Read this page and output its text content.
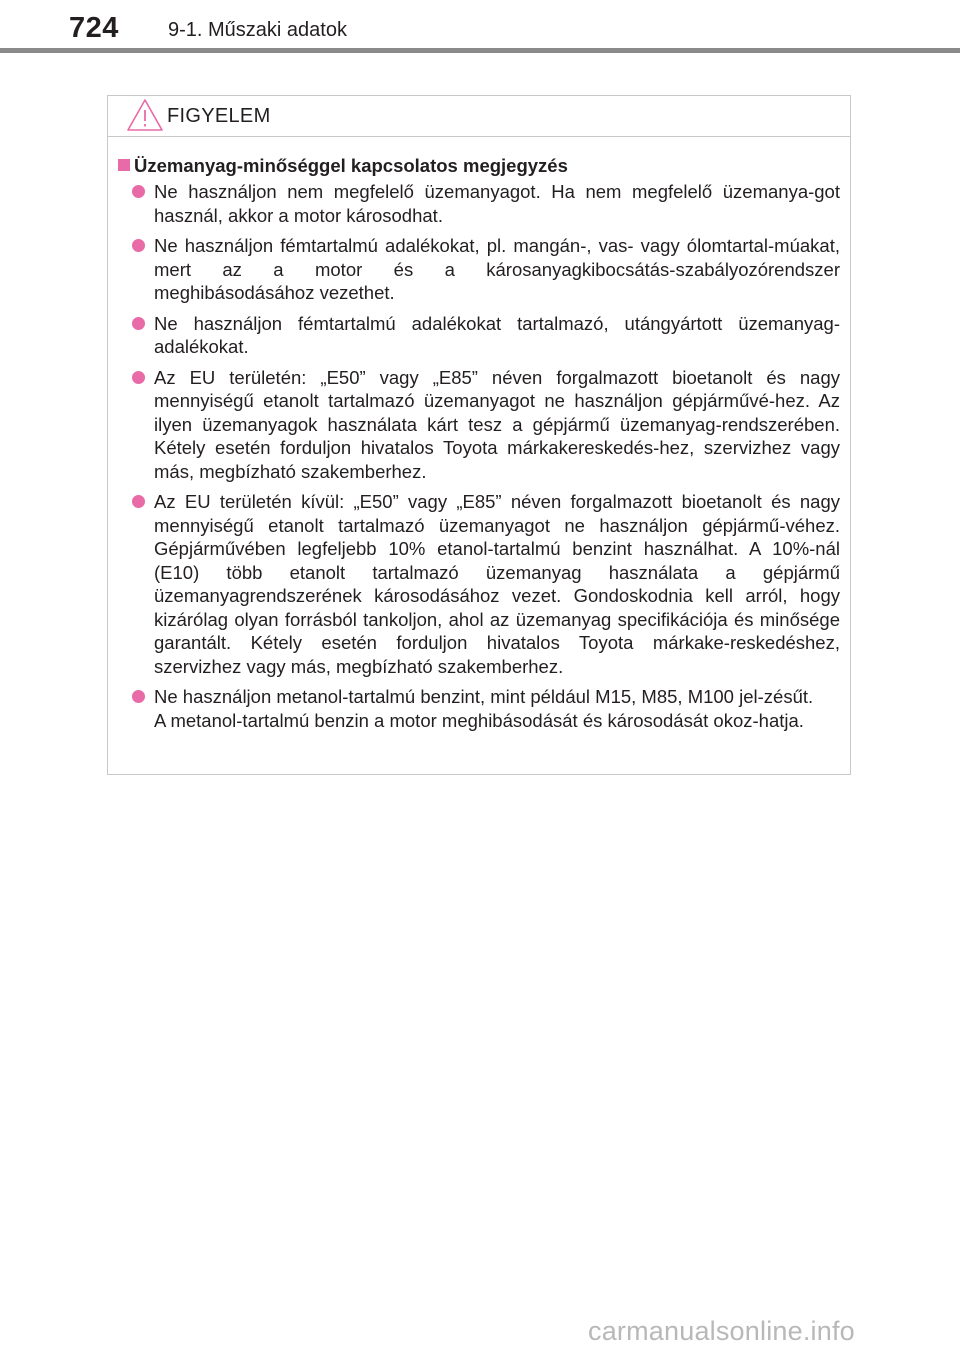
724 9-1. Műszaki adatok
FIGYELEM
Üzemanyag-minőséggel kapcsolatos megjegyzés
Ne használjon nem megfelelő üzemanyagot. Ha nem megfelelő üzemanya-got használ, akkor a motor károsodhat.
Ne használjon fémtartalmú adalékokat, pl. mangán-, vas- vagy ólomtartal-múakat, mert az a motor és a károsanyagkibocsátás-szabályozórendszer meghibásodásához vezethet.
Ne használjon fémtartalmú adalékokat tartalmazó, utángyártott üzemanyag-adalékokat.
Az EU területén: „E50” vagy „E85” néven forgalmazott bioetanolt és nagy mennyiségű etanolt tartalmazó üzemanyagot ne használjon gépjárművé-hez. Az ilyen üzemanyagok használata kárt tesz a gépjármű üzemanyag-rendszerében. Kétely esetén forduljon hivatalos Toyota márkakereskedés-hez, szervizhez vagy más, megbízható szakemberhez.
Az EU területén kívül: „E50” vagy „E85” néven forgalmazott bioetanolt és nagy mennyiségű etanolt tartalmazó üzemanyagot ne használjon gépjármű-véhez. Gépjárművében legfeljebb 10% etanol-tartalmú benzint használhat. A 10%-nál (E10) több etanolt tartalmazó üzemanyag használata a gépjármű üzemanyagrendszerének károsodásához vezet. Gondoskodnia kell arról, hogy kizárólag olyan forrásból tankoljon, ahol az üzemanyag specifikációja és minősége garantált. Kétely esetén forduljon hivatalos Toyota márkake-reskedéshez, szervizhez vagy más, megbízható szakemberhez.
Ne használjon metanol-tartalmú benzint, mint például M15, M85, M100 jel-zésűt.
A metanol-tartalmú benzin a motor meghibásodását és károsodását okoz-hatja.
carmanualsonline.info
